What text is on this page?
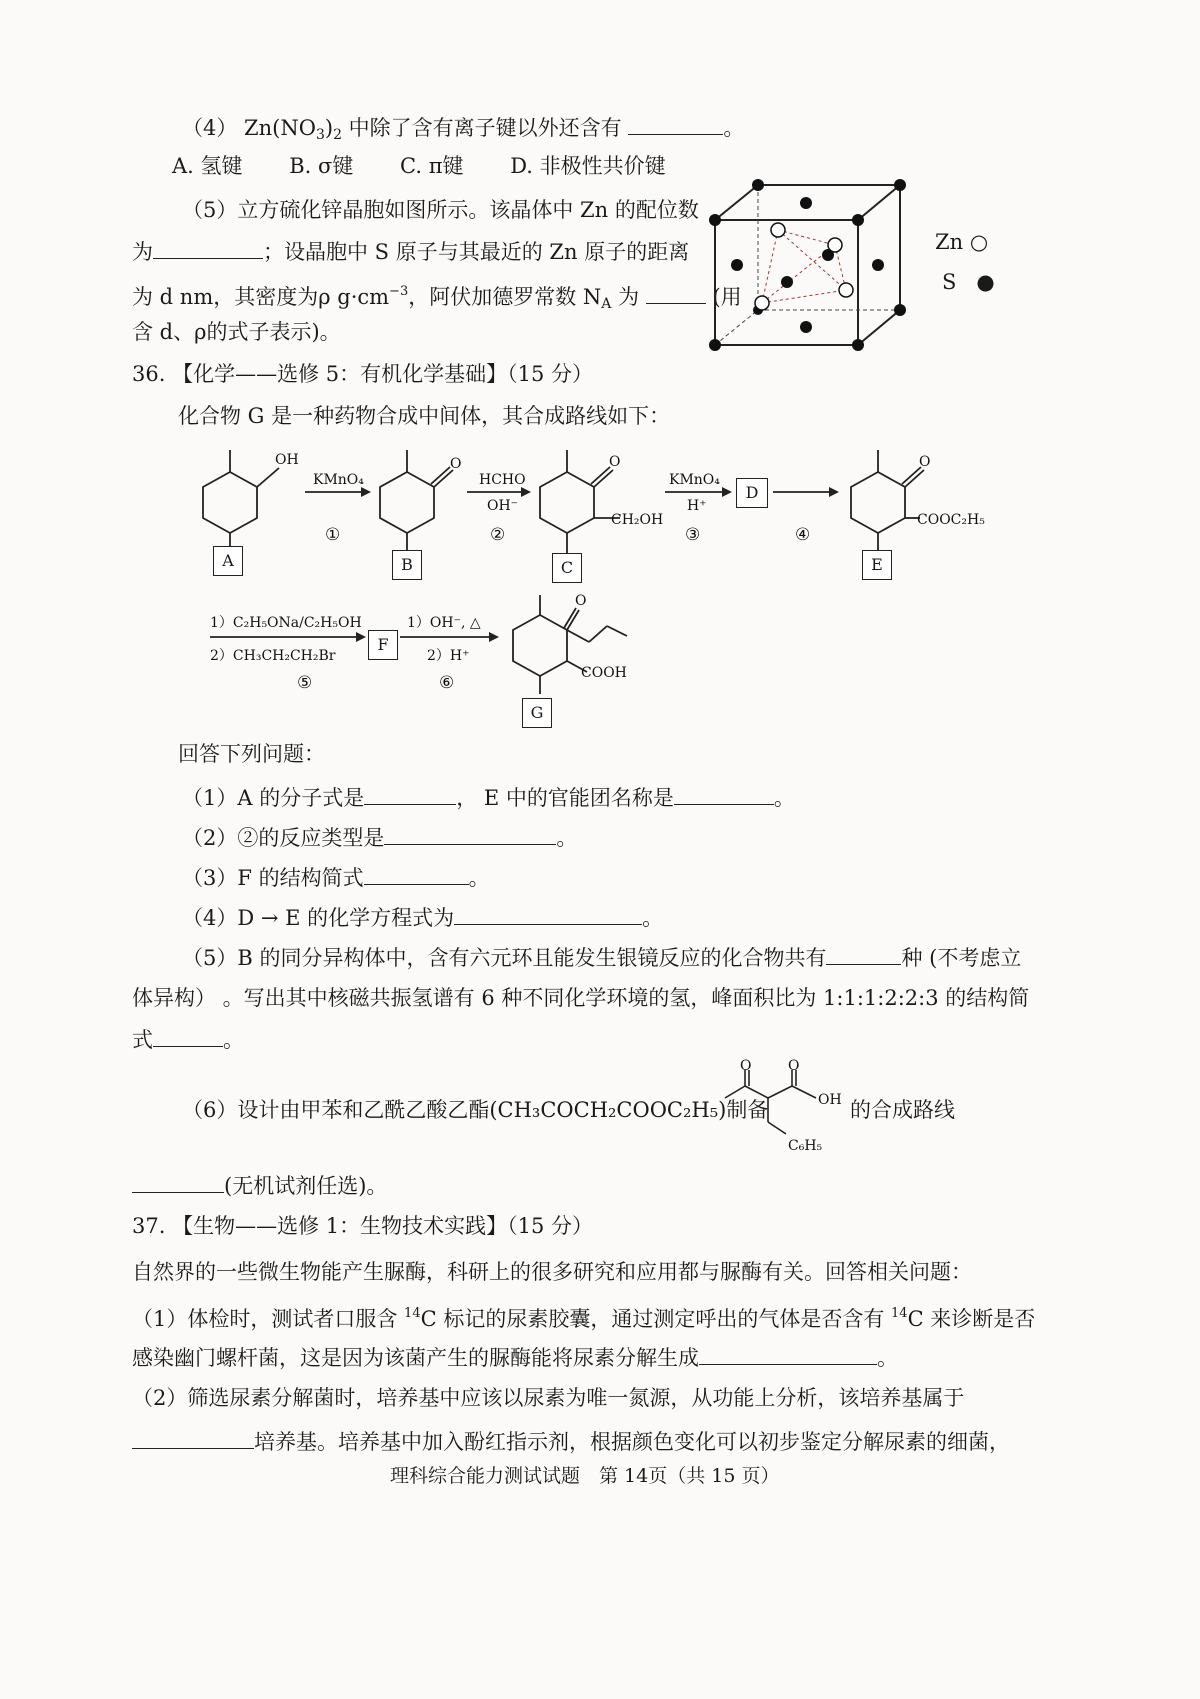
（4） $Zn(NO_3)_2$ 中除了含有离子键以外还含有	。
A. 氢键 B. σ键 C. π键 D. 非极性共价键
（5）立方硫化锌晶胞如图所示。该晶体中 Zn 的配位数
为	；设晶胞中 S 原子与其最近的 Zn 原子的距离
为 d nm，其密度为ρ $g\cdot cm^{-3}$，阿伏加德罗常数 $N_A$ 为	(用
含 d、ρ的式子表示)。
Zn ○
S ●
36. 【化学——选修 5：有机化学基础】（15 分）
化合物 G 是一种药物合成中间体，其合成路线如下：
OH	O	O
CH₂OH
O
COOC₂H₅
O
COOH
KMnO₄	HCHO
OH⁻
KMnO₄
H⁺
1）C₂H₅ONa/C₂H₅OH
2）CH₃CH₂CH₂Br
1）OH⁻, △
2）H⁺
①	②	③	④
⑤	⑥
A	B	C
D
E
F
G
回答下列问题：
（1）A 的分子式是	， E 中的官能团名称是	。
（2）②的反应类型是	。
（3）F 的结构简式	。
（4）D → E 的化学方程式为	。
（5）B 的同分异构体中，含有六元环且能发生银镜反应的化合物共有	种 (不考虑立
体异构） 。写出其中核磁共振氢谱有 6 种不同化学环境的氢，峰面积比为 1:1:1:2:2:3 的结构简
式	。
（6）设计由甲苯和乙酰乙酸乙酯(CH₃COCH₂COOC₂H₅)制备
O	O
OH
C₆H₅
的合成路线
(无机试剂任选)。
37. 【生物——选修 1：生物技术实践】（15 分）
自然界的一些微生物能产生脲酶，科研上的很多研究和应用都与脲酶有关。回答相关问题：
（1）体检时，测试者口服含 $^{14}$C 标记的尿素胶囊，通过测定呼出的气体是否含有 $^{14}$C 来诊断是否
感染幽门螺杆菌，这是因为该菌产生的脲酶能将尿素分解生成	。
（2）筛选尿素分解菌时，培养基中应该以尿素为唯一氮源，从功能上分析，该培养基属于
培养基。培养基中加入酚红指示剂，根据颜色变化可以初步鉴定分解尿素的细菌，
理科综合能力测试试题　第 14页（共 15 页）
